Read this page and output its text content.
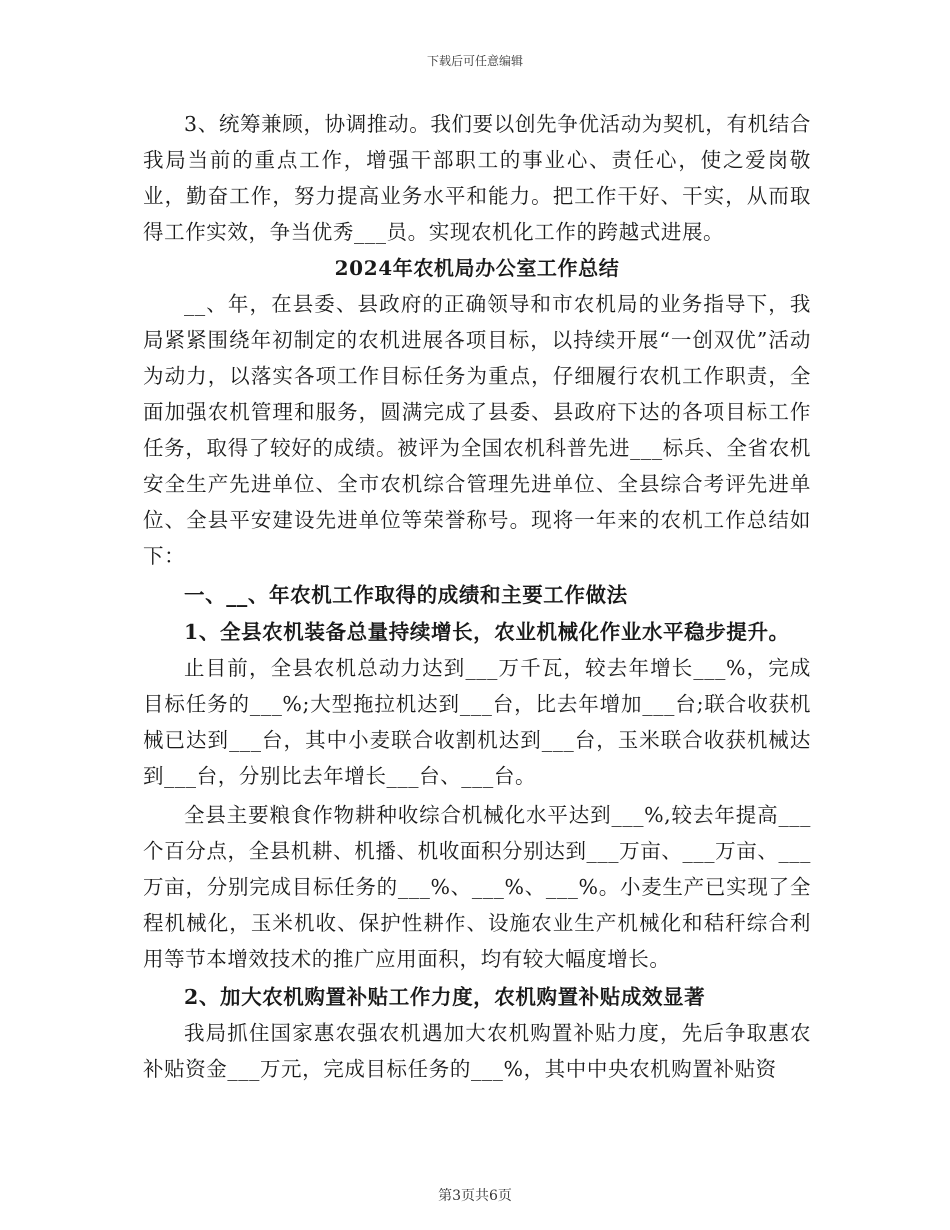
下载后可任意编辑

3、统筹兼顾，协调推动。我们要以创先争优活动为契机，有机结合我局当前的重点工作，增强干部职工的事业心、责任心，使之爱岗敬业，勤奋工作，努力提高业务水平和能力。把工作干好、干实，从而取得工作实效，争当优秀___员。实现农机化工作的跨越式进展。

2024年农机局办公室工作总结

__、年，在县委、县政府的正确领导和市农机局的业务指导下，我局紧紧围绕年初制定的农机进展各项目标，以持续开展“一创双优”活动为动力，以落实各项工作目标任务为重点，仔细履行农机工作职责，全面加强农机管理和服务，圆满完成了县委、县政府下达的各项目标工作任务，取得了较好的成绩。被评为全国农机科普先进___标兵、全省农机安全生产先进单位、全市农机综合管理先进单位、全县综合考评先进单位、全县平安建设先进单位等荣誉称号。现将一年来的农机工作总结如下：

一、__、年农机工作取得的成绩和主要工作做法

1、全县农机装备总量持续增长，农业机械化作业水平稳步提升。

止目前，全县农机总动力达到___万千瓦，较去年增长___%，完成目标任务的___%;大型拖拉机达到___台，比去年增加___台;联合收获机械已达到___台，其中小麦联合收割机达到___台，玉米联合收获机械达到___台，分别比去年增长___台、___台。

全县主要粮食作物耕种收综合机械化水平达到___%,较去年提高___个百分点，全县机耕、机播、机收面积分别达到___万亩、___万亩、___万亩，分别完成目标任务的___%、___%、___%。小麦生产已实现了全程机械化，玉米机收、保护性耕作、设施农业生产机械化和秸秆综合利用等节本增效技术的推广应用面积，均有较大幅度增长。

2、加大农机购置补贴工作力度，农机购置补贴成效显著

我局抓住国家惠农强农机遇加大农机购置补贴力度，先后争取惠农补贴资金___万元，完成目标任务的___%，其中中央农机购置补贴资

第3页共6页
